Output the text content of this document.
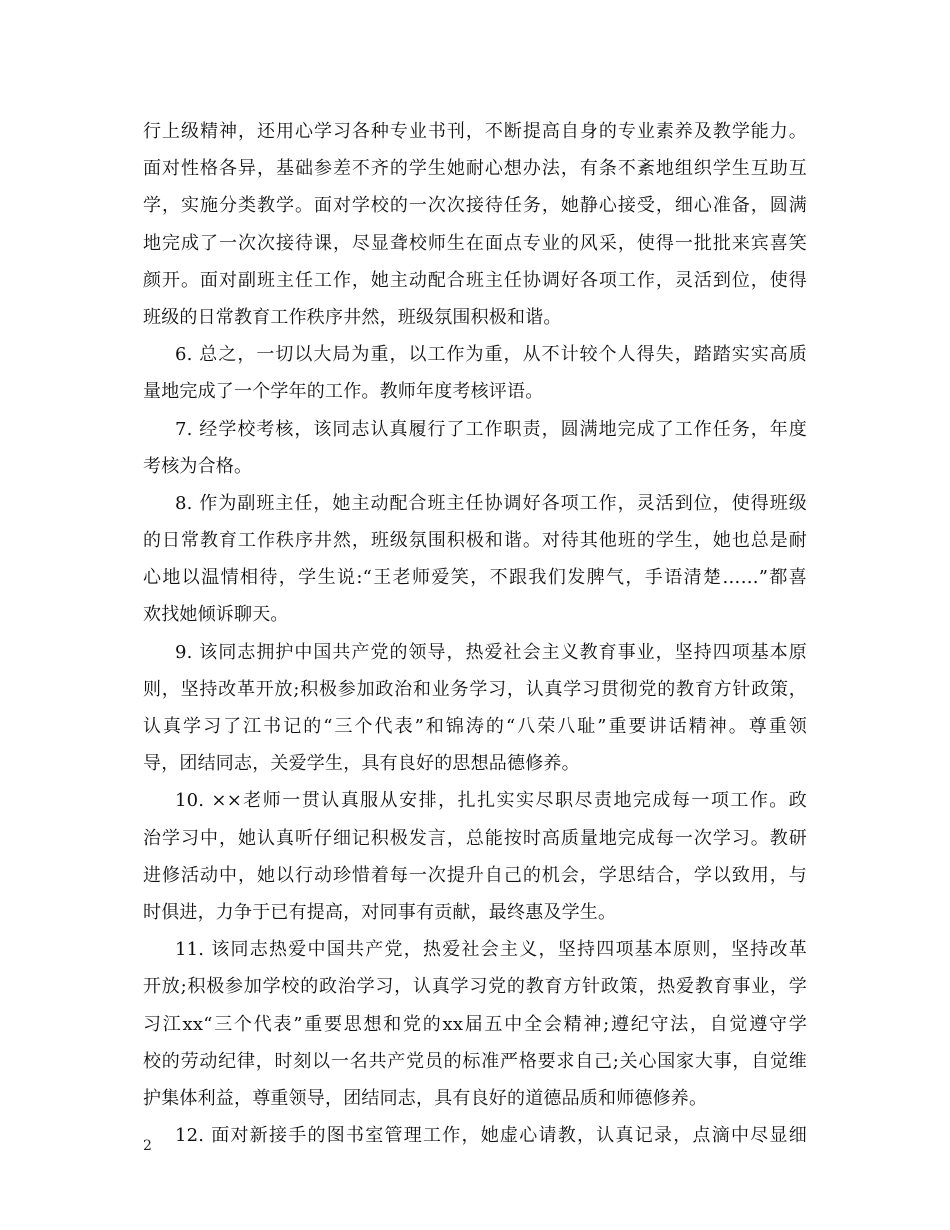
行上级精神，还用心学习各种专业书刊，不断提高自身的专业素养及教学能力。
面对性格各异，基础参差不齐的学生她耐心想办法，有条不紊地组织学生互助互
学，实施分类教学。面对学校的一次次接待任务，她静心接受，细心准备，圆满
地完成了一次次接待课，尽显聋校师生在面点专业的风采，使得一批批来宾喜笑
颜开。面对副班主任工作，她主动配合班主任协调好各项工作，灵活到位，使得
班级的日常教育工作秩序井然，班级氛围积极和谐。
6. 总之，一切以大局为重，以工作为重，从不计较个人得失，踏踏实实高质
量地完成了一个学年的工作。教师年度考核评语。
7. 经学校考核，该同志认真履行了工作职责，圆满地完成了工作任务，年度
考核为合格。
8. 作为副班主任，她主动配合班主任协调好各项工作，灵活到位，使得班级
的日常教育工作秩序井然，班级氛围积极和谐。对待其他班的学生，她也总是耐
心地以温情相待，学生说:“王老师爱笑，不跟我们发脾气，手语清楚……”都喜
欢找她倾诉聊天。
9. 该同志拥护中国共产党的领导，热爱社会主义教育事业，坚持四项基本原
则，坚持改革开放;积极参加政治和业务学习，认真学习贯彻党的教育方针政策，
认真学习了江书记的“三个代表”和锦涛的“八荣八耻”重要讲话精神。尊重领
导，团结同志，关爱学生，具有良好的思想品德修养。
10. ××老师一贯认真服从安排，扎扎实实尽职尽责地完成每一项工作。政
治学习中，她认真听仔细记积极发言，总能按时高质量地完成每一次学习。教研
进修活动中，她以行动珍惜着每一次提升自己的机会，学思结合，学以致用，与
时俱进，力争于已有提高，对同事有贡献，最终惠及学生。
11. 该同志热爱中国共产党，热爱社会主义，坚持四项基本原则，坚持改革
开放;积极参加学校的政治学习，认真学习党的教育方针政策，热爱教育事业，学
习江xx“三个代表”重要思想和党的xx届五中全会精神;遵纪守法，自觉遵守学
校的劳动纪律，时刻以一名共产党员的标准严格要求自己;关心国家大事，自觉维
护集体利益，尊重领导，团结同志，具有良好的道德品质和师德修养。
12. 面对新接手的图书室管理工作，她虚心请教，认真记录，点滴中尽显细
2
